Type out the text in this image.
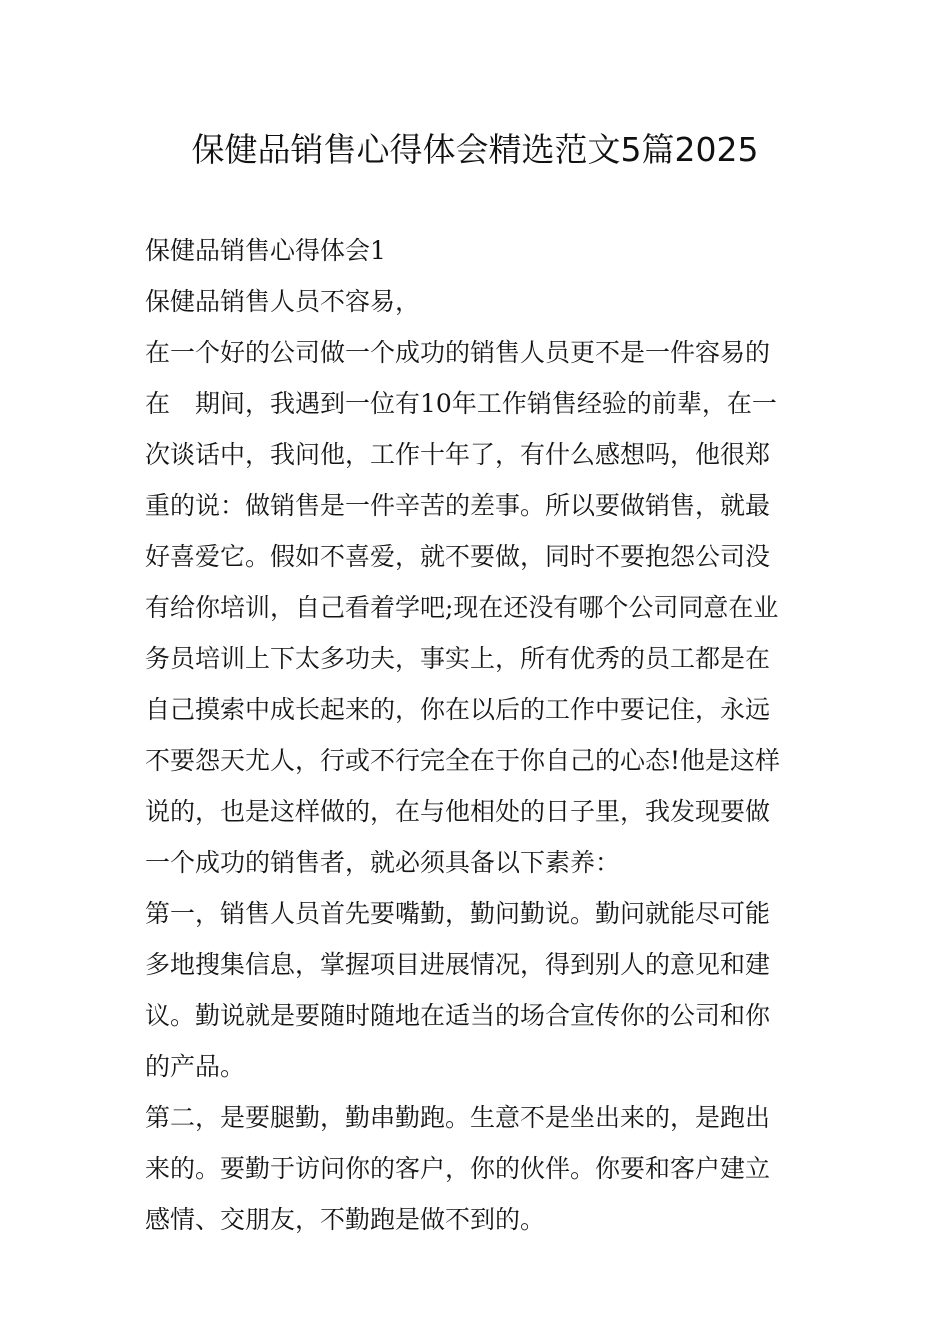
保健品销售心得体会精选范文5篇2025
保健品销售心得体会1
保健品销售人员不容易，
在一个好的公司做一个成功的销售人员更不是一件容易的
在　期间，我遇到一位有10年工作销售经验的前辈，在一
次谈话中，我问他，工作十年了，有什么感想吗，他很郑
重的说：做销售是一件辛苦的差事。所以要做销售，就最
好喜爱它。假如不喜爱，就不要做，同时不要抱怨公司没
有给你培训，自己看着学吧;现在还没有哪个公司同意在业
务员培训上下太多功夫，事实上，所有优秀的员工都是在
自己摸索中成长起来的，你在以后的工作中要记住，永远
不要怨天尤人，行或不行完全在于你自己的心态!他是这样
说的，也是这样做的，在与他相处的日子里，我发现要做
一个成功的销售者，就必须具备以下素养：
第一，销售人员首先要嘴勤，勤问勤说。勤问就能尽可能
多地搜集信息，掌握项目进展情况，得到别人的意见和建
议。勤说就是要随时随地在适当的场合宣传你的公司和你
的产品。
第二，是要腿勤，勤串勤跑。生意不是坐出来的，是跑出
来的。要勤于访问你的客户，你的伙伴。你要和客户建立
感情、交朋友，不勤跑是做不到的。
